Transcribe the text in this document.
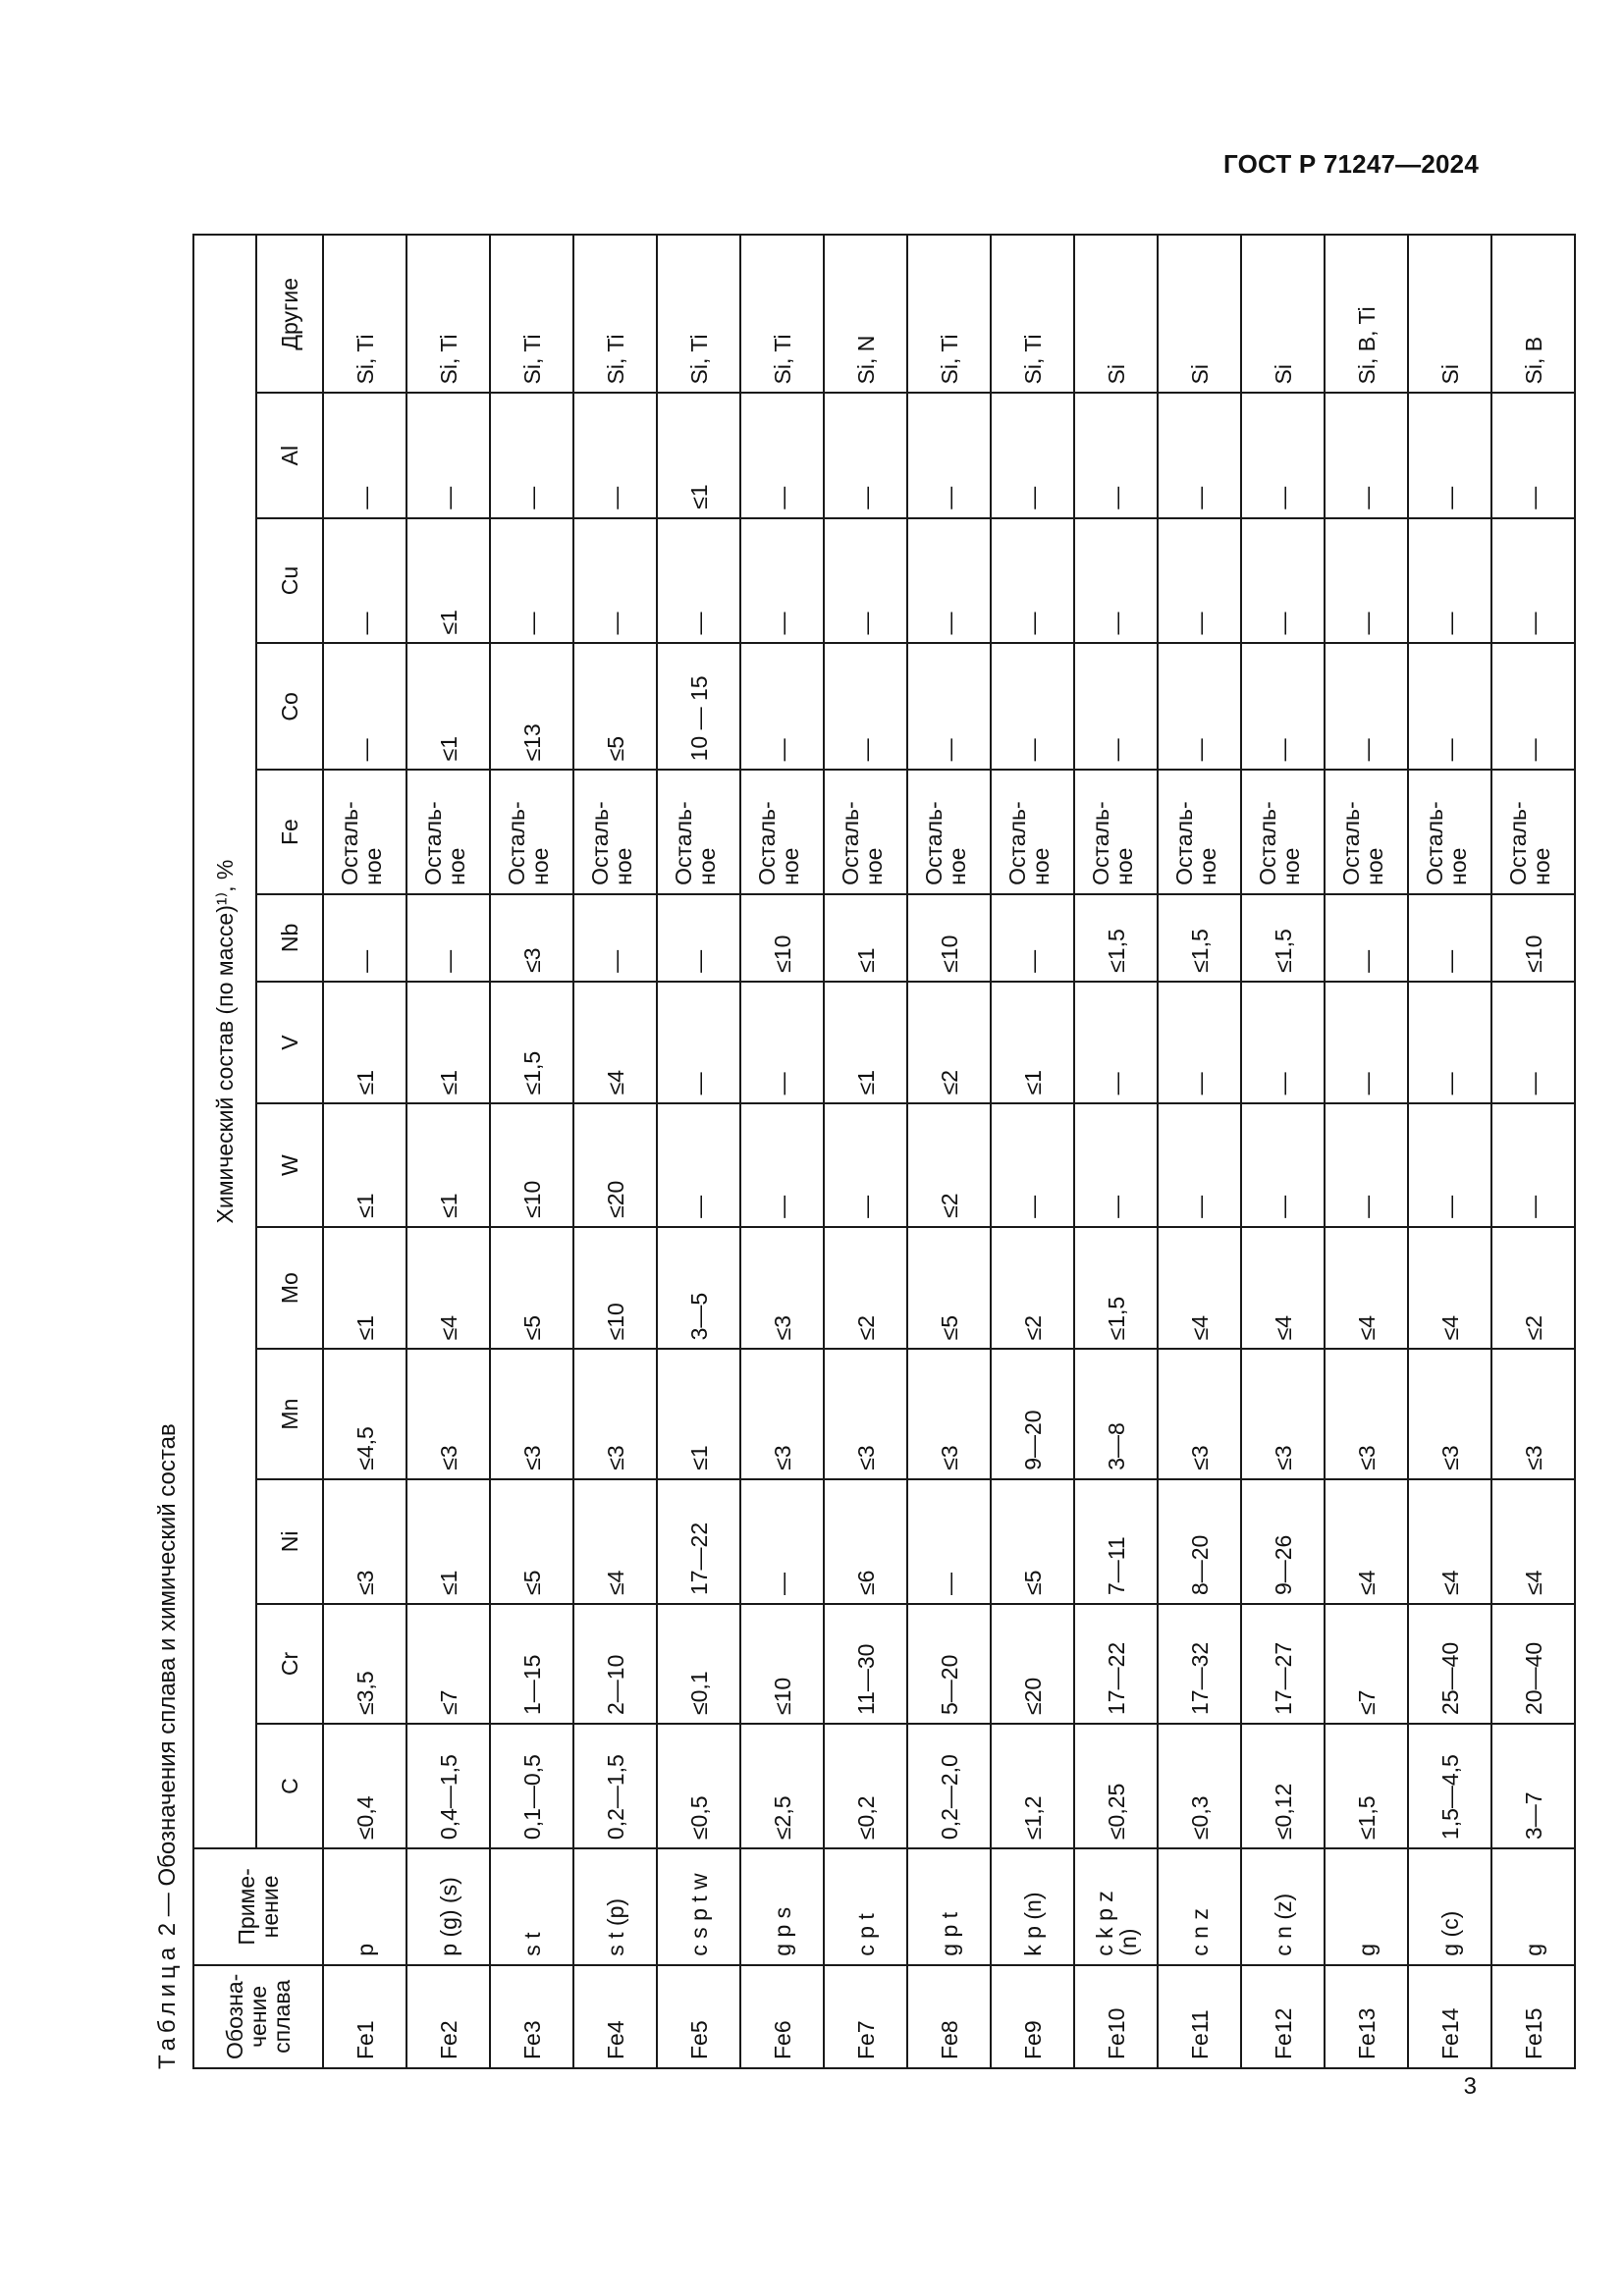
ГОСТ Р 71247—2024
Таблица 2 — Обозначения сплава и химический состав
Обозна-
чение
сплава	Приме-
нение	Химический состав (по массе)¹⁾, %												
		C	Cr	Ni	Mn	Mo	W	V	Nb	Fe	Co	Cu	Al	Другие
Fe1	p	≤0,4	≤3,5	≤3	≤4,5	≤1	≤1	≤1	—	Осталь-
ное	—	—	—	Si, Ti
Fe2	p (g) (s)	0,4—1,5	≤7	≤1	≤3	≤4	≤1	≤1	—	Осталь-
ное	≤1	≤1	—	Si, Ti
Fe3	s t	0,1—0,5	1—15	≤5	≤3	≤5	≤10	≤1,5	≤3	Осталь-
ное	≤13	—	—	Si, Ti
Fe4	s t (p)	0,2—1,5	2—10	≤4	≤3	≤10	≤20	≤4	—	Осталь-
ное	≤5	—	—	Si, Ti
Fe5	c s p t w	≤0,5	≤0,1	17—22	≤1	3—5	—	—	—	Осталь-
ное	10 — 15	—	≤1	Si, Ti
Fe6	g p s	≤2,5	≤10	—	≤3	≤3	—	—	≤10	Осталь-
ное	—	—	—	Si, Ti
Fe7	c p t	≤0,2	11—30	≤6	≤3	≤2	—	≤1	≤1	Осталь-
ное	—	—	—	Si, N
Fe8	g p t	0,2—2,0	5—20	—	≤3	≤5	≤2	≤2	≤10	Осталь-
ное	—	—	—	Si, Ti
Fe9	k p (n)	≤1,2	≤20	≤5	9—20	≤2	—	≤1	—	Осталь-
ное	—	—	—	Si, Ti
Fe10	c k p z
(n)	≤0,25	17—22	7—11	3—8	≤1,5	—	—	≤1,5	Осталь-
ное	—	—	—	Si
Fe11	c n z	≤0,3	17—32	8—20	≤3	≤4	—	—	≤1,5	Осталь-
ное	—	—	—	Si
Fe12	c n (z)	≤0,12	17—27	9—26	≤3	≤4	—	—	≤1,5	Осталь-
ное	—	—	—	Si
Fe13	g	≤1,5	≤7	≤4	≤3	≤4	—	—	—	Осталь-
ное	—	—	—	Si, B, Ti
Fe14	g (c)	1,5—4,5	25—40	≤4	≤3	≤4	—	—	—	Осталь-
ное	—	—	—	Si
Fe15	g	3—7	20—40	≤4	≤3	≤2	—	—	≤10	Осталь-
ное	—	—	—	Si, B
3
